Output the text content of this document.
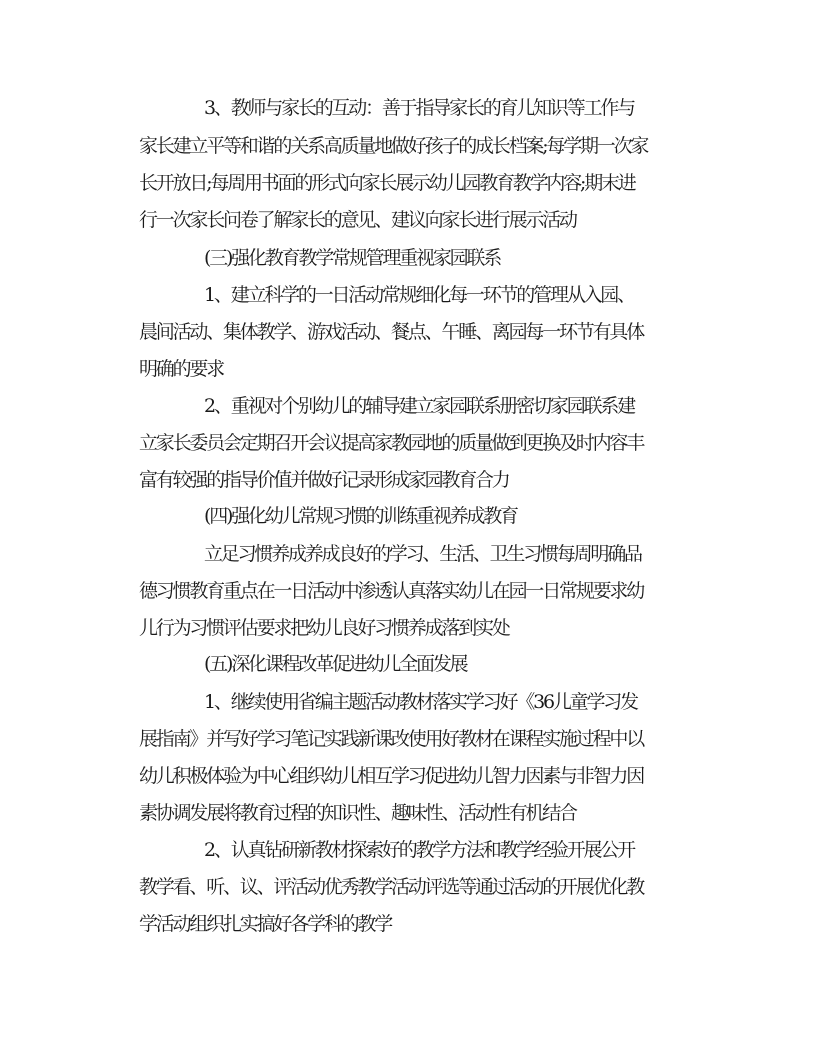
3、教师与家长的互动：善于指导家长的育儿知识等工作与
家长建立平等和谐的关系高质量地做好孩子的成长档案;每学期一次家
长开放日;每周用书面的形式向家长展示幼儿园教育教学内容;期末进
行一次家长问卷了解家长的意见、建议向家长进行展示活动
(三)强化教育教学常规管理重视家园联系
1、建立科学的一日活动常规细化每一环节的管理从入园、
晨间活动、集体教学、游戏活动、餐点、午睡、离园每一环节有具体
明确的要求
2、重视对个别幼儿的辅导建立家园联系册密切家园联系建
立家长委员会定期召开会议提高家教园地的质量做到更换及时内容丰
富有较强的指导价值并做好记录形成家园教育合力
(四)强化幼儿常规习惯的训练重视养成教育
立足习惯养成养成良好的学习、生活、卫生习惯每周明确品
德习惯教育重点在一日活动中渗透认真落实幼儿在园一日常规要求幼
儿行为习惯评估要求把幼儿良好习惯养成落到实处
(五)深化课程改革促进幼儿全面发展
1、继续使用省编主题活动教材落实学习好《36儿童学习发
展指南》并写好学习笔记实践新课改使用好教材在课程实施过程中以
幼儿积极体验为中心组织幼儿相互学习促进幼儿智力因素与非智力因
素协调发展将教育过程的知识性、趣味性、活动性有机结合
2、认真钻研新教材探索好的教学方法和教学经验开展公开
教学看、听、议、评活动优秀教学活动评选等通过活动的开展优化教
学活动组织扎实搞好各学科的教学
